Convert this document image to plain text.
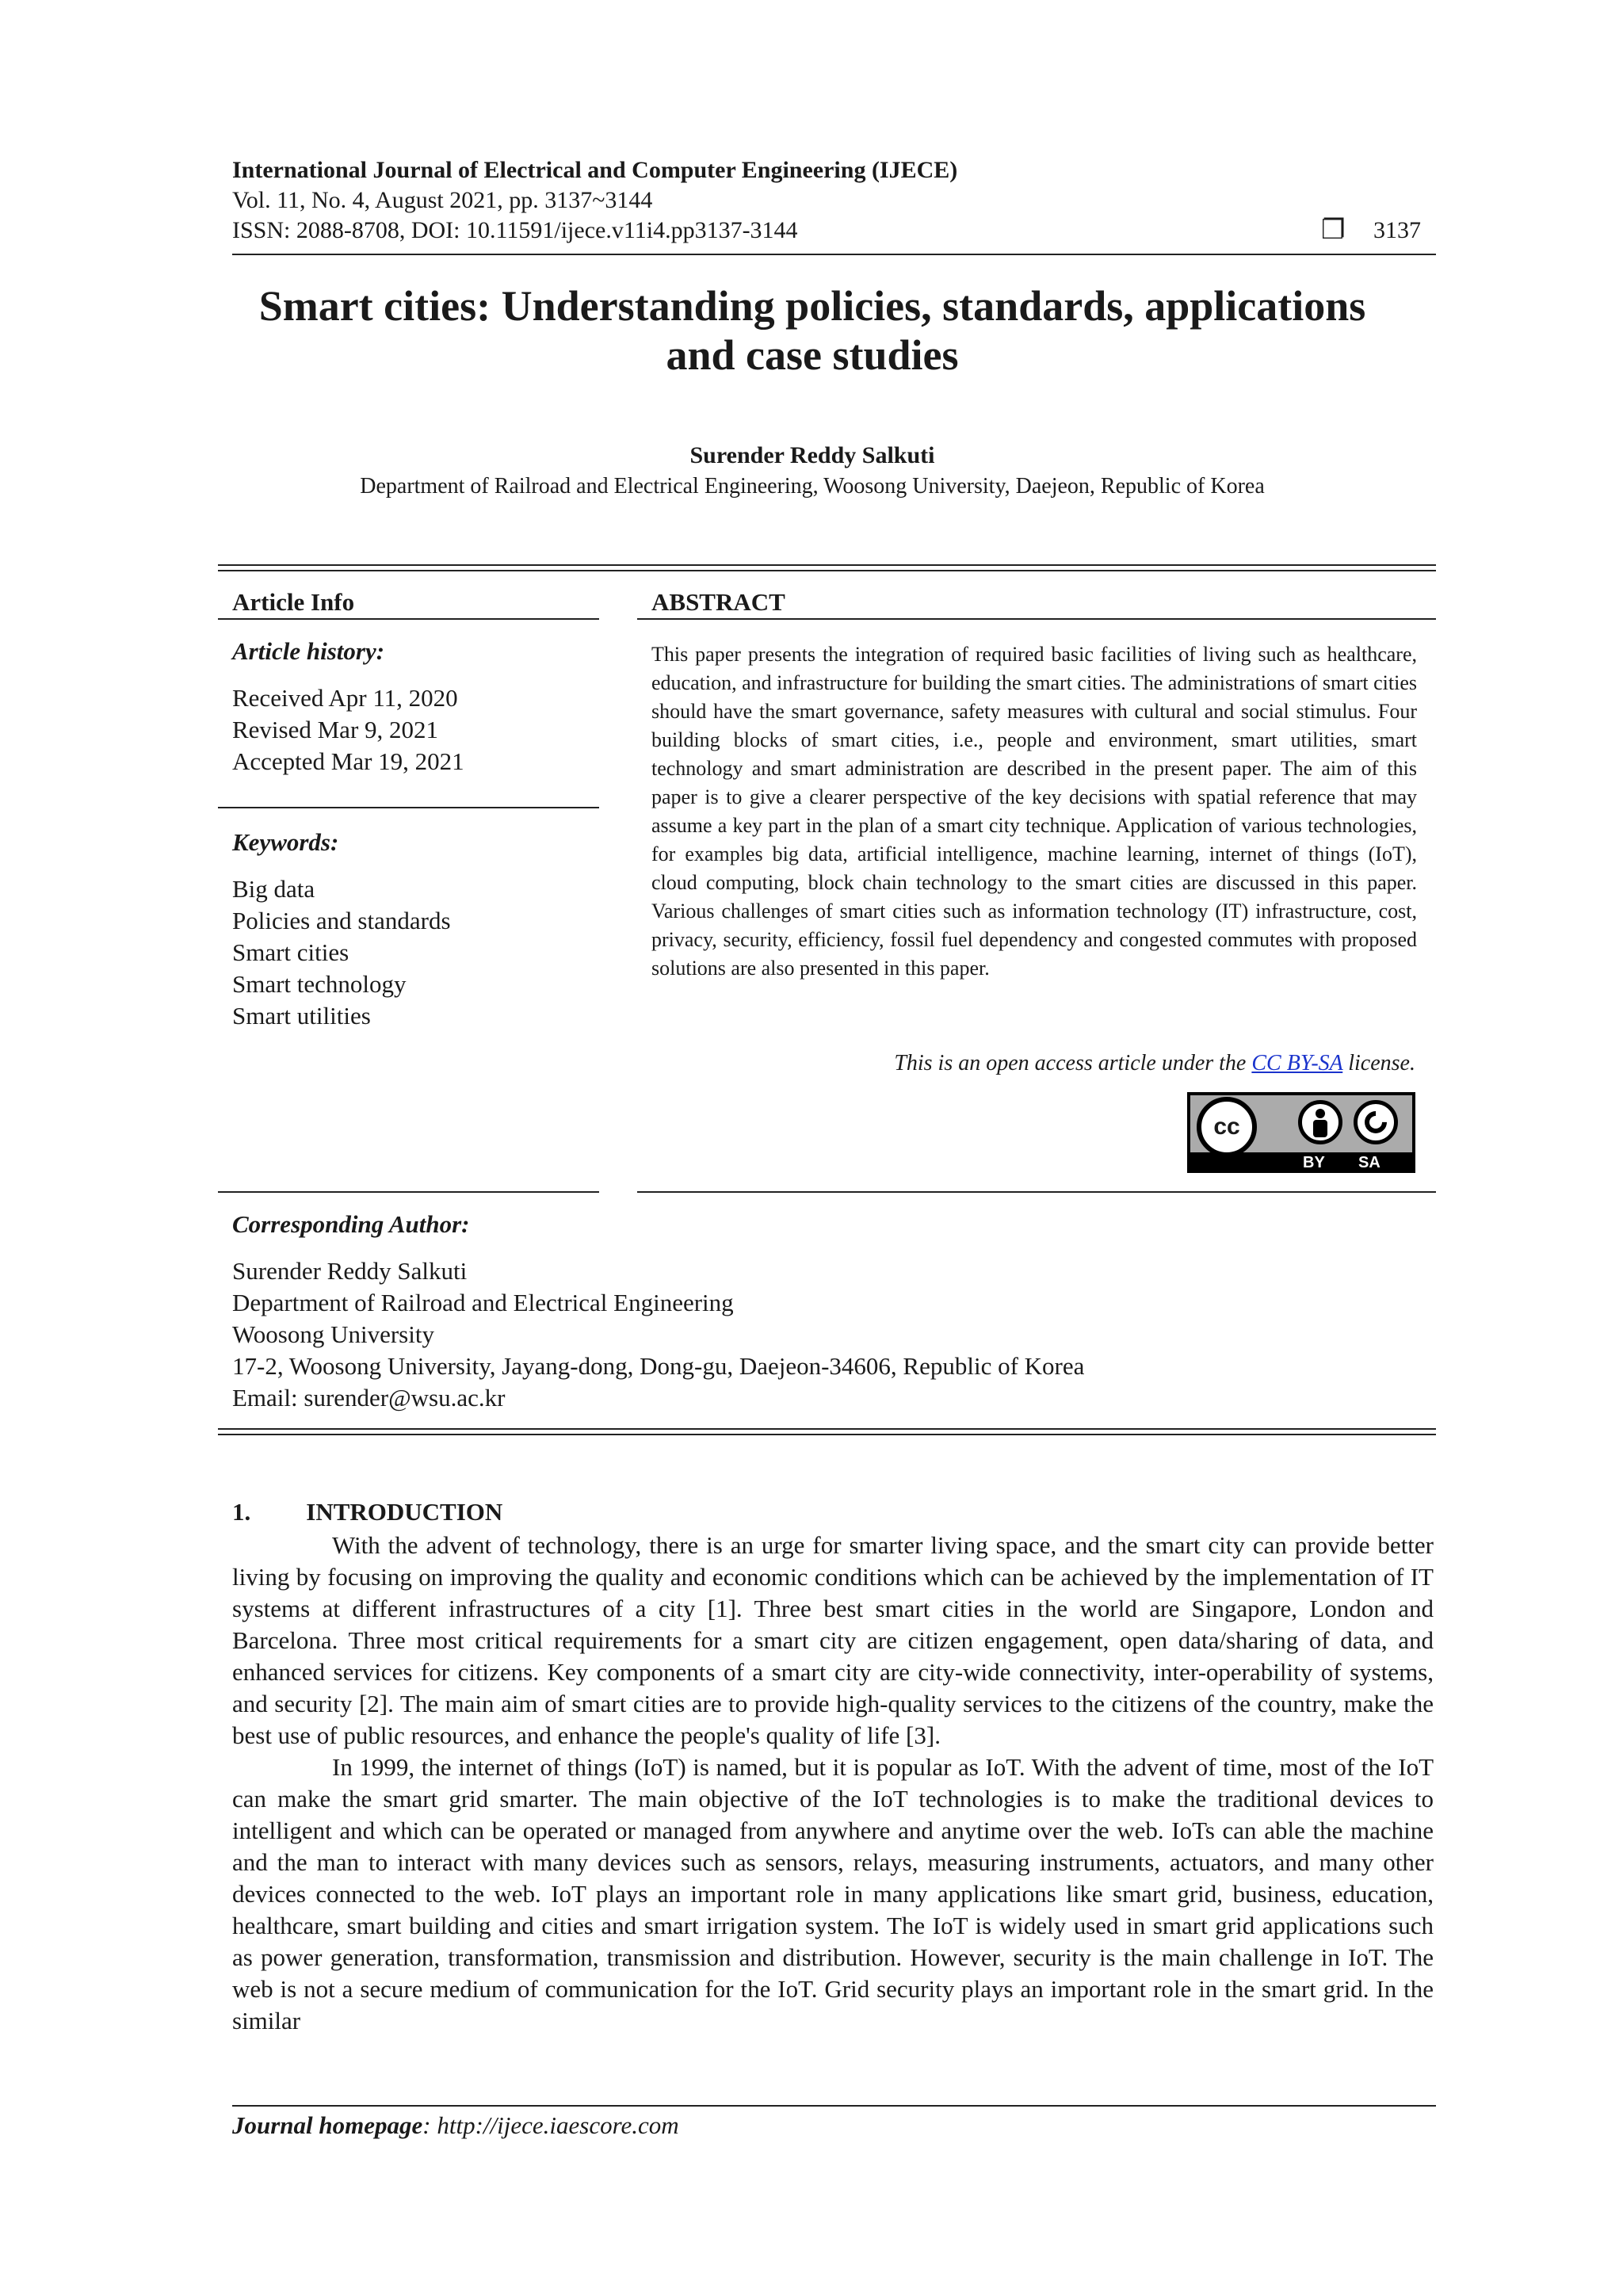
International Journal of Electrical and Computer Engineering (IJECE)
Vol. 11, No. 4, August 2021, pp. 3137~3144
ISSN: 2088-8708, DOI: 10.11591/ijece.v11i4.pp3137-3144	❐ 3137
Smart cities: Understanding policies, standards, applications
and case studies
Surender Reddy Salkuti
Department of Railroad and Electrical Engineering, Woosong University, Daejeon, Republic of Korea
Article Info
Article history:
Received Apr 11, 2020
Revised Mar 9, 2021
Accepted Mar 19, 2021
Keywords:
Big data
Policies and standards
Smart cities
Smart technology
Smart utilities
ABSTRACT
This paper presents the integration of required basic facilities of living such as healthcare, education, and infrastructure for building the smart cities. The administrations of smart cities should have the smart governance, safety measures with cultural and social stimulus. Four building blocks of smart cities, i.e., people and environment, smart utilities, smart technology and smart administration are described in the present paper. The aim of this paper is to give a clearer perspective of the key decisions with spatial reference that may assume a key part in the plan of a smart city technique. Application of various technologies, for examples big data, artificial intelligence, machine learning, internet of things (IoT), cloud computing, block chain technology to the smart cities are discussed in this paper. Various challenges of smart cities such as information technology (IT) infrastructure, cost, privacy, security, efficiency, fossil fuel dependency and congested commutes with proposed solutions are also presented in this paper.
This is an open access article under the CC BY-SA license.
cc
BY SA
Corresponding Author:
Surender Reddy Salkuti
Department of Railroad and Electrical Engineering
Woosong University
17-2, Woosong University, Jayang-dong, Dong-gu, Daejeon-34606, Republic of Korea
Email: surender@wsu.ac.kr
1. INTRODUCTION

With the advent of technology, there is an urge for smarter living space, and the smart city can provide better living by focusing on improving the quality and economic conditions which can be achieved by the implementation of IT systems at different infrastructures of a city [1]. Three best smart cities in the world are Singapore, London and Barcelona. Three most critical requirements for a smart city are citizen engagement, open data/sharing of data, and enhanced services for citizens. Key components of a smart city are city-wide connectivity, inter-operability of systems, and security [2]. The main aim of smart cities are to provide high-quality services to the citizens of the country, make the best use of public resources, and enhance the people's quality of life [3].

In 1999, the internet of things (IoT) is named, but it is popular as IoT. With the advent of time, most of the IoT can make the smart grid smarter. The main objective of the IoT technologies is to make the traditional devices to intelligent and which can be operated or managed from anywhere and anytime over the web. IoTs can able the machine and the man to interact with many devices such as sensors, relays, measuring instruments, actuators, and many other devices connected to the web. IoT plays an important role in many applications like smart grid, business, education, healthcare, smart building and cities and smart irrigation system. The IoT is widely used in smart grid applications such as power generation, transformation, transmission and distribution. However, security is the main challenge in IoT. The web is not a secure medium of communication for the IoT. Grid security plays an important role in the smart grid. In the similar

Journal homepage: http://ijece.iaescore.com
